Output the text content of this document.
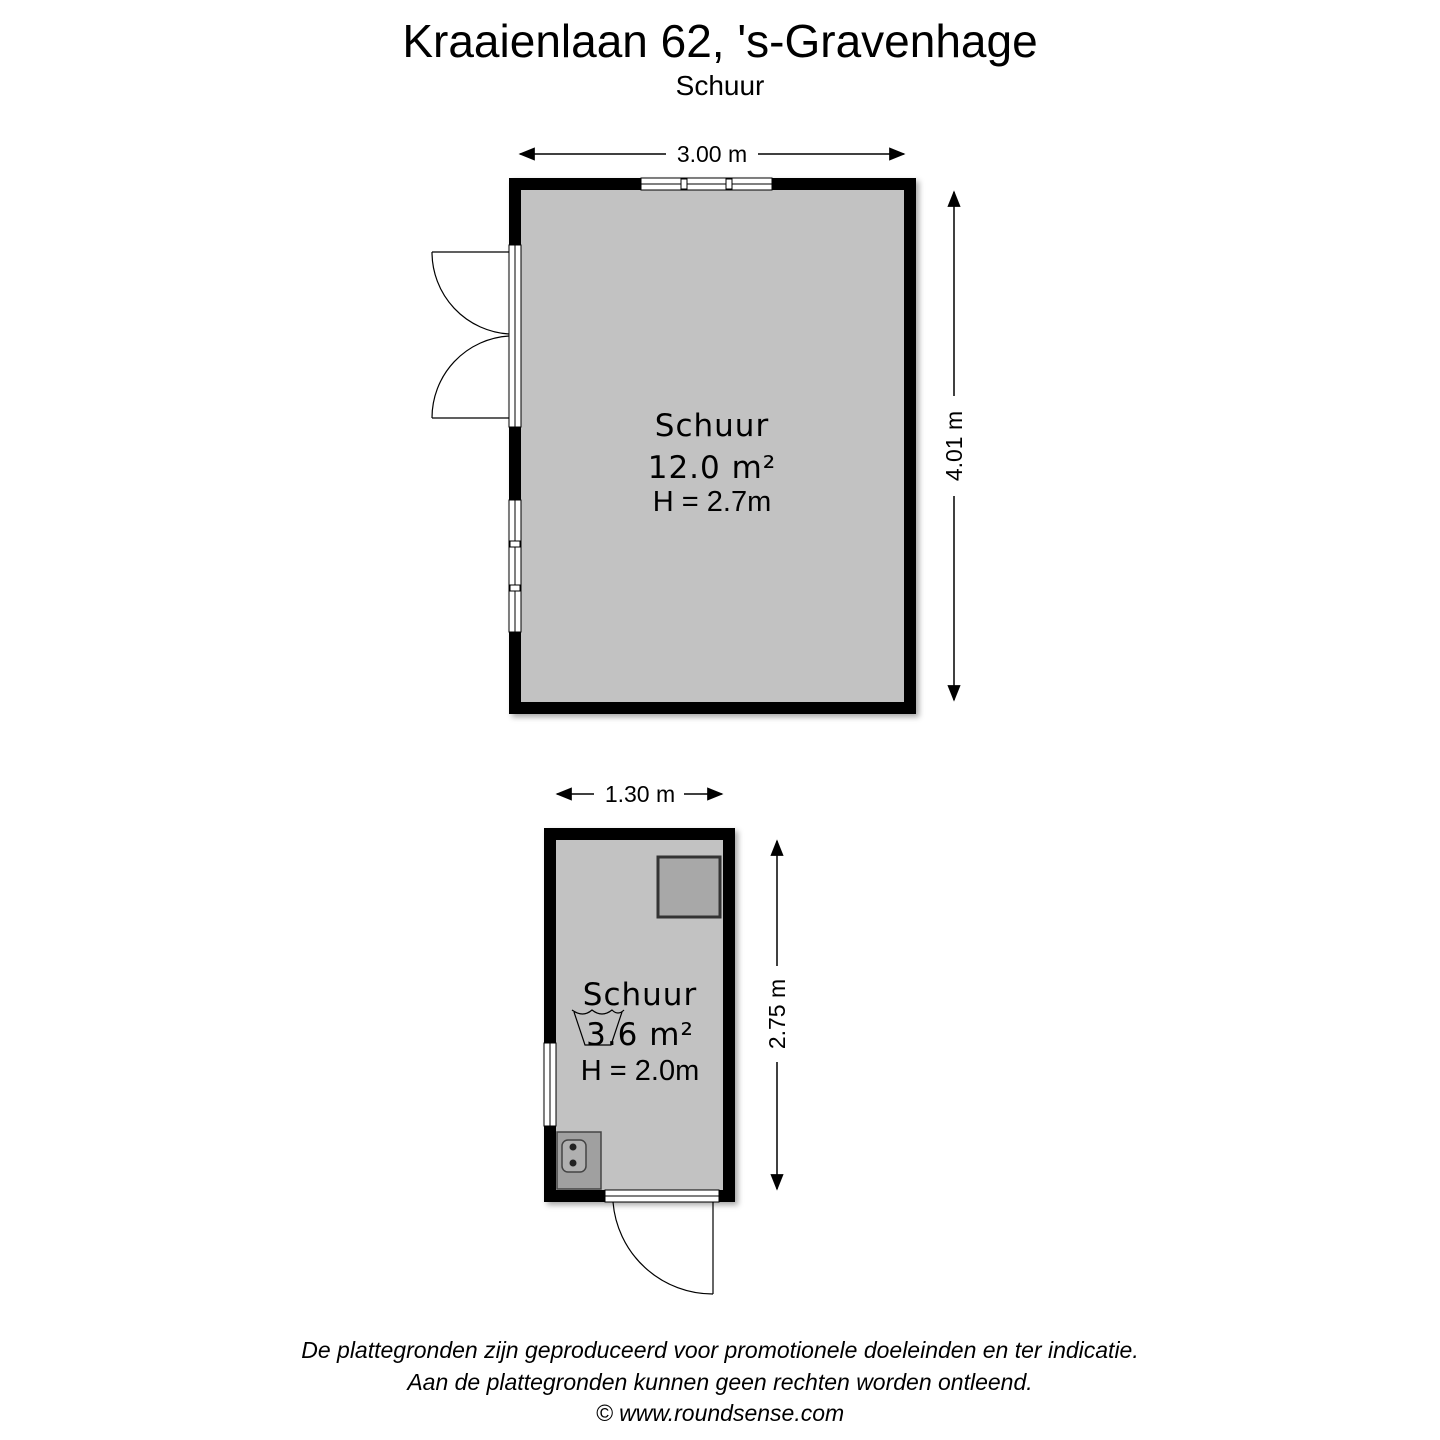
Kraaienlaan 62, 's-Gravenhage
Schuur
Schuur
12.0 m²
H = 2.7m
3.00 m
4.01 m
Schuur
3.6 m²
H = 2.0m
1.30 m
2.75 m
De plattegronden zijn geproduceerd voor promotionele doeleinden en ter indicatie.
Aan de plattegronden kunnen geen rechten worden ontleend.
© www.roundsense.com
